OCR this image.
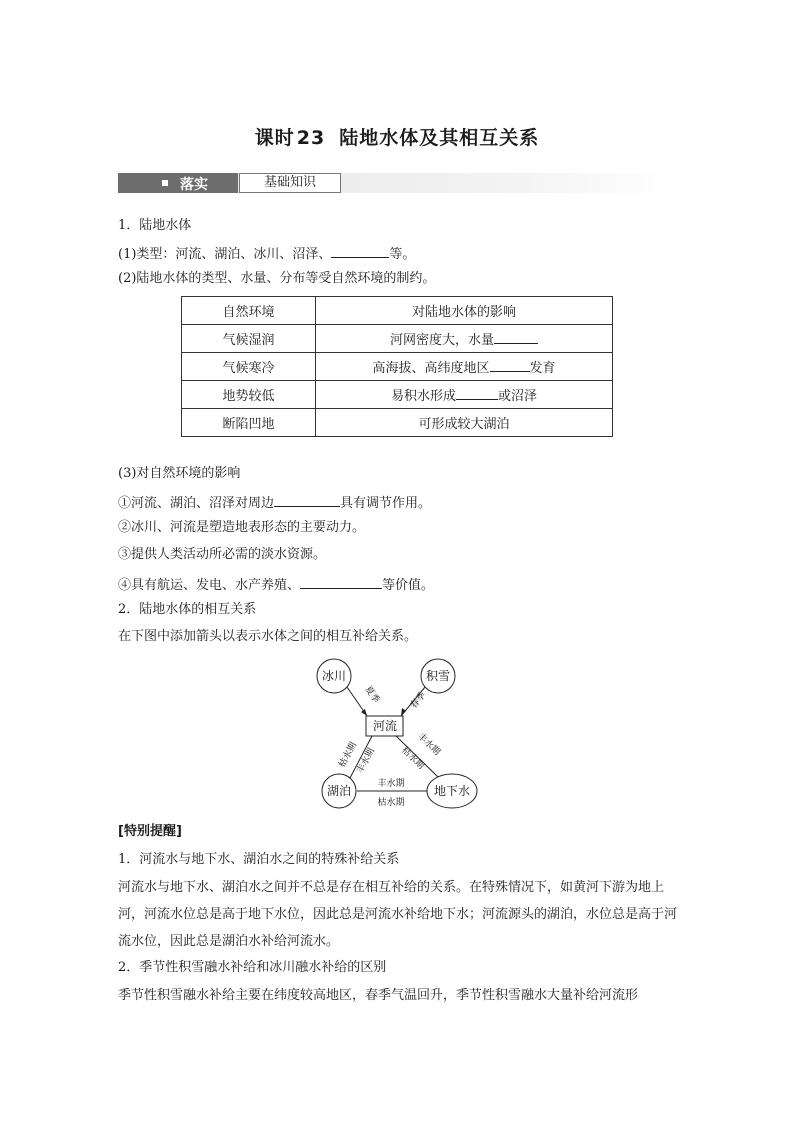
课时 23 陆地水体及其相互关系
落实	基础知识
1．陆地水体
(1)类型：河流、湖泊、冰川、沼泽、	等。
(2)陆地水体的类型、水量、分布等受自然环境的制约。
自然环境	对陆地水体的影响
气候湿润	河网密度大，水量
气候寒冷	高海拔、高纬度地区 发育
地势较低	易积水形成 或沼泽
断陷凹地	可形成较大湖泊
(3)对自然环境的影响
①河流、湖泊、沼泽对周边	具有调节作用。
②冰川、河流是塑造地表形态的主要动力。
③提供人类活动所必需的淡水资源。
④具有航运、发电、水产养殖、	等价值。
2．陆地水体的相互关系
在下图中添加箭头以表示水体之间的相互补给关系。
冰川	积雪
河流
湖泊	地下水
夏季	春季
枯水期
丰水期
丰水期
枯水期
丰水期
枯水期
[特别提醒]
1．河流水与地下水、湖泊水之间的特殊补给关系
河流水与地下水、湖泊水之间并不总是存在相互补给的关系。在特殊情况下，如黄河下游为地上河，河流水位总是高于地下水位，因此总是河流水补给地下水；河流源头的湖泊，水位总是高于河流水位，因此总是湖泊水补给河流水。
2．季节性积雪融水补给和冰川融水补给的区别
季节性积雪融水补给主要在纬度较高地区，春季气温回升，季节性积雪融水大量补给河流形
